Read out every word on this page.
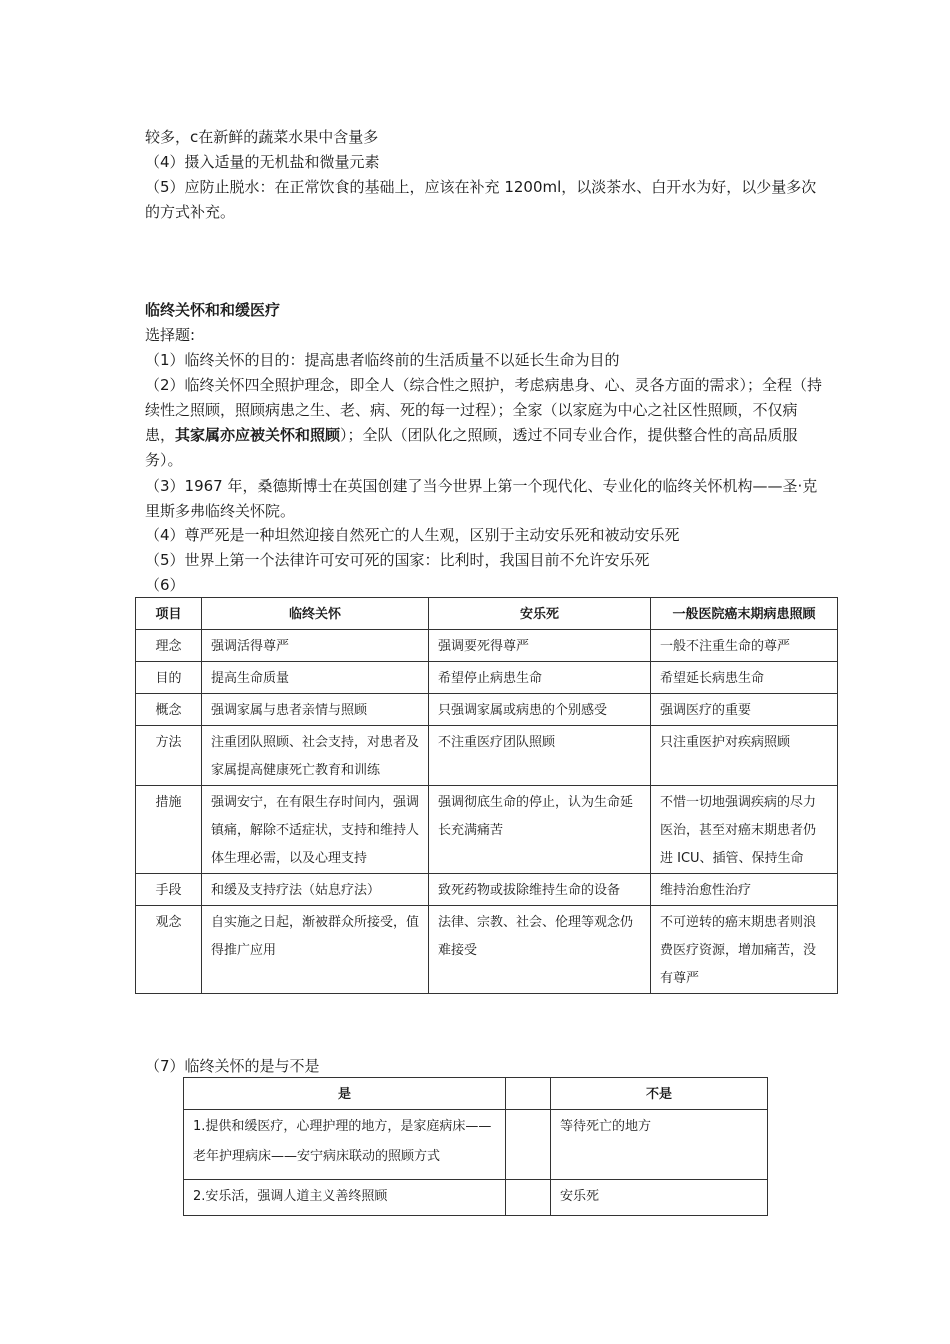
较多，c在新鲜的蔬菜水果中含量多

（4）摄入适量的无机盐和微量元素

（5）应防止脱水：在正常饮食的基础上，应该在补充 1200ml，以淡茶水、白开水为好，以少量多次的方式补充。

临终关怀和和缓医疗

选择题:

（1）临终关怀的目的：提高患者临终前的生活质量不以延长生命为目的

（2）临终关怀四全照护理念，即全人（综合性之照护，考虑病患身、心、灵各方面的需求）；全程（持续性之照顾，照顾病患之生、老、病、死的每一过程）；全家（以家庭为中心之社区性照顾，不仅病患，其家属亦应被关怀和照顾）；全队（团队化之照顾，透过不同专业合作，提供整合性的高品质服务）。

（3）1967 年，桑德斯博士在英国创建了当今世界上第一个现代化、专业化的临终关怀机构——圣·克里斯多弗临终关怀院。

（4）尊严死是一种坦然迎接自然死亡的人生观，区别于主动安乐死和被动安乐死

（5）世界上第一个法律许可安可死的国家：比利时，我国目前不允许安乐死

（6）

项目	临终关怀	安乐死	一般医院癌末期病患照顾
理念	强调活得尊严	强调要死得尊严	一般不注重生命的尊严
目的	提高生命质量	希望停止病患生命	希望延长病患生命
概念	强调家属与患者亲情与照顾	只强调家属或病患的个别感受	强调医疗的重要
方法	注重团队照顾、社会支持，对患者及家属提高健康死亡教育和训练	不注重医疗团队照顾	只注重医护对疾病照顾
措施	强调安宁，在有限生存时间内，强调镇痛，解除不适症状，支持和维持人体生理必需，以及心理支持	强调彻底生命的停止，认为生命延长充满痛苦	不惜一切地强调疾病的尽力医治，甚至对癌末期患者仍进 ICU、插管、保持生命
手段	和缓及支持疗法（姑息疗法）	致死药物或拔除维持生命的设备	维持治愈性治疗
观念	自实施之日起，渐被群众所接受，值得推广应用	法律、宗教、社会、伦理等观念仍难接受	不可逆转的癌末期患者则浪费医疗资源，增加痛苦，没有尊严

（7）临终关怀的是与不是

是		不是
1.提供和缓医疗，心理护理的地方，是家庭病床——老年护理病床——安宁病床联动的照顾方式		等待死亡的地方
2.安乐活，强调人道主义善终照顾		安乐死
